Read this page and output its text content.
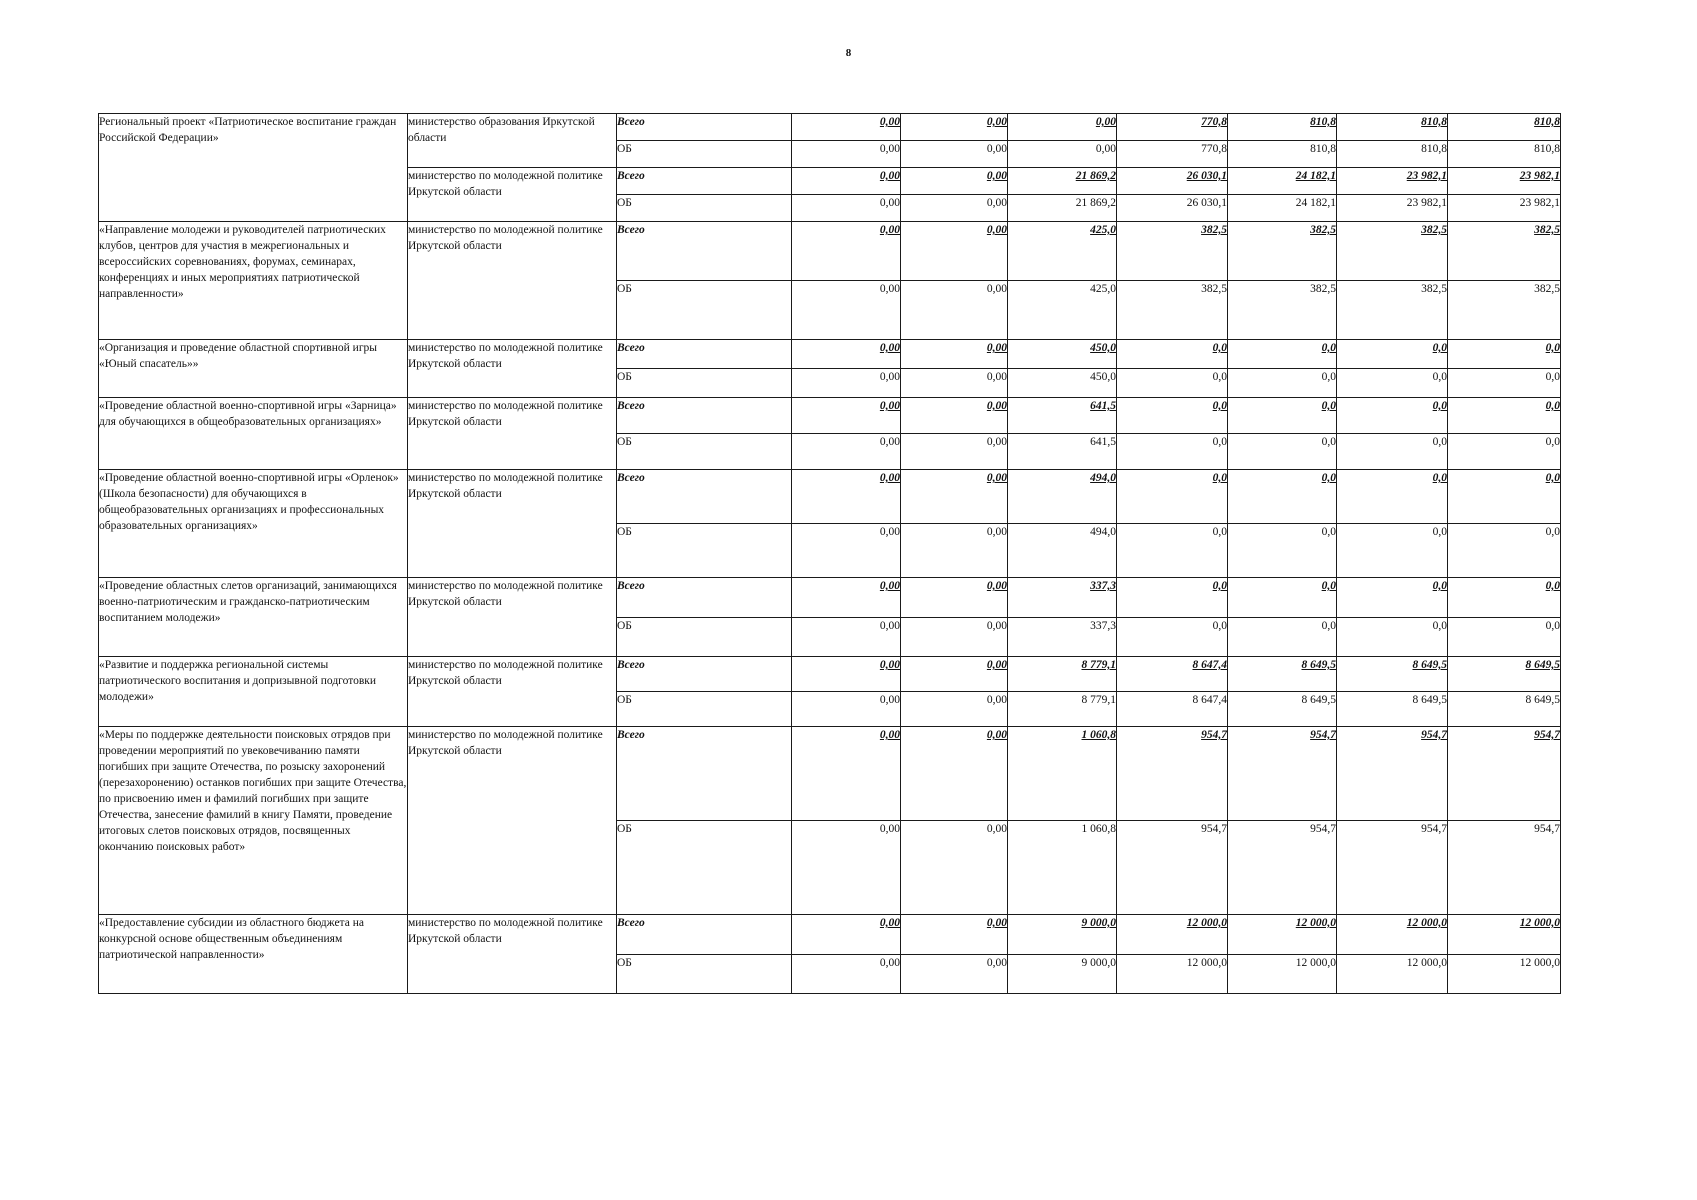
8
Региональный проект «Патриотическое воспитание граждан Российской Федерации»	министерство образования Иркутской области	Всего	0,00	0,00	0,00	770,8	810,8	810,8	810,8
		ОБ	0,00	0,00	0,00	770,8	810,8	810,8	810,8
	министерство по молодежной политике Иркутской области	Всего	0,00	0,00	21 869,2	26 030,1	24 182,1	23 982,1	23 982,1
		ОБ	0,00	0,00	21 869,2	26 030,1	24 182,1	23 982,1	23 982,1
«Направление молодежи и руководителей патриотических клубов, центров для участия в межрегиональных и всероссийских соревнованиях, форумах, семинарах, конференциях и иных мероприятиях патриотической направленности»	министерство по молодежной политике Иркутской области	Всего	0,00	0,00	425,0	382,5	382,5	382,5	382,5
		ОБ	0,00	0,00	425,0	382,5	382,5	382,5	382,5
«Организация и проведение областной спортивной игры «Юный спасатель»»	министерство по молодежной политике Иркутской области	Всего	0,00	0,00	450,0	0,0	0,0	0,0	0,0
		ОБ	0,00	0,00	450,0	0,0	0,0	0,0	0,0
«Проведение областной военно-спортивной игры «Зарница» для обучающихся в общеобразовательных организациях»	министерство по молодежной политике Иркутской области	Всего	0,00	0,00	641,5	0,0	0,0	0,0	0,0
		ОБ	0,00	0,00	641,5	0,0	0,0	0,0	0,0
«Проведение областной военно-спортивной игры «Орленок» (Школа безопасности) для обучающихся в общеобразовательных организациях и профессиональных образовательных организациях»	министерство по молодежной политике Иркутской области	Всего	0,00	0,00	494,0	0,0	0,0	0,0	0,0
		ОБ	0,00	0,00	494,0	0,0	0,0	0,0	0,0
«Проведение областных слетов организаций, занимающихся военно-патриотическим и гражданско-патриотическим воспитанием молодежи»	министерство по молодежной политике Иркутской области	Всего	0,00	0,00	337,3	0,0	0,0	0,0	0,0
		ОБ	0,00	0,00	337,3	0,0	0,0	0,0	0,0
«Развитие и поддержка региональной системы патриотического воспитания и допризывной подготовки молодежи»	министерство по молодежной политике Иркутской области	Всего	0,00	0,00	8 779,1	8 647,4	8 649,5	8 649,5	8 649,5
		ОБ	0,00	0,00	8 779,1	8 647,4	8 649,5	8 649,5	8 649,5
«Меры по поддержке деятельности поисковых отрядов при проведении мероприятий по увековечиванию памяти погибших при защите Отечества, по розыску захоронений (перезахоронению) останков погибших при защите Отечества, по присвоению имен и фамилий погибших при защите Отечества, занесение фамилий в книгу Памяти, проведение итоговых слетов поисковых отрядов, посвященных окончанию поисковых работ»	министерство по молодежной политике Иркутской области	Всего	0,00	0,00	1 060,8	954,7	954,7	954,7	954,7
		ОБ	0,00	0,00	1 060,8	954,7	954,7	954,7	954,7
«Предоставление субсидии из областного бюджета на конкурсной основе общественным объединениям патриотической направленности»	министерство по молодежной политике Иркутской области	Всего	0,00	0,00	9 000,0	12 000,0	12 000,0	12 000,0	12 000,0
		ОБ	0,00	0,00	9 000,0	12 000,0	12 000,0	12 000,0	12 000,0
